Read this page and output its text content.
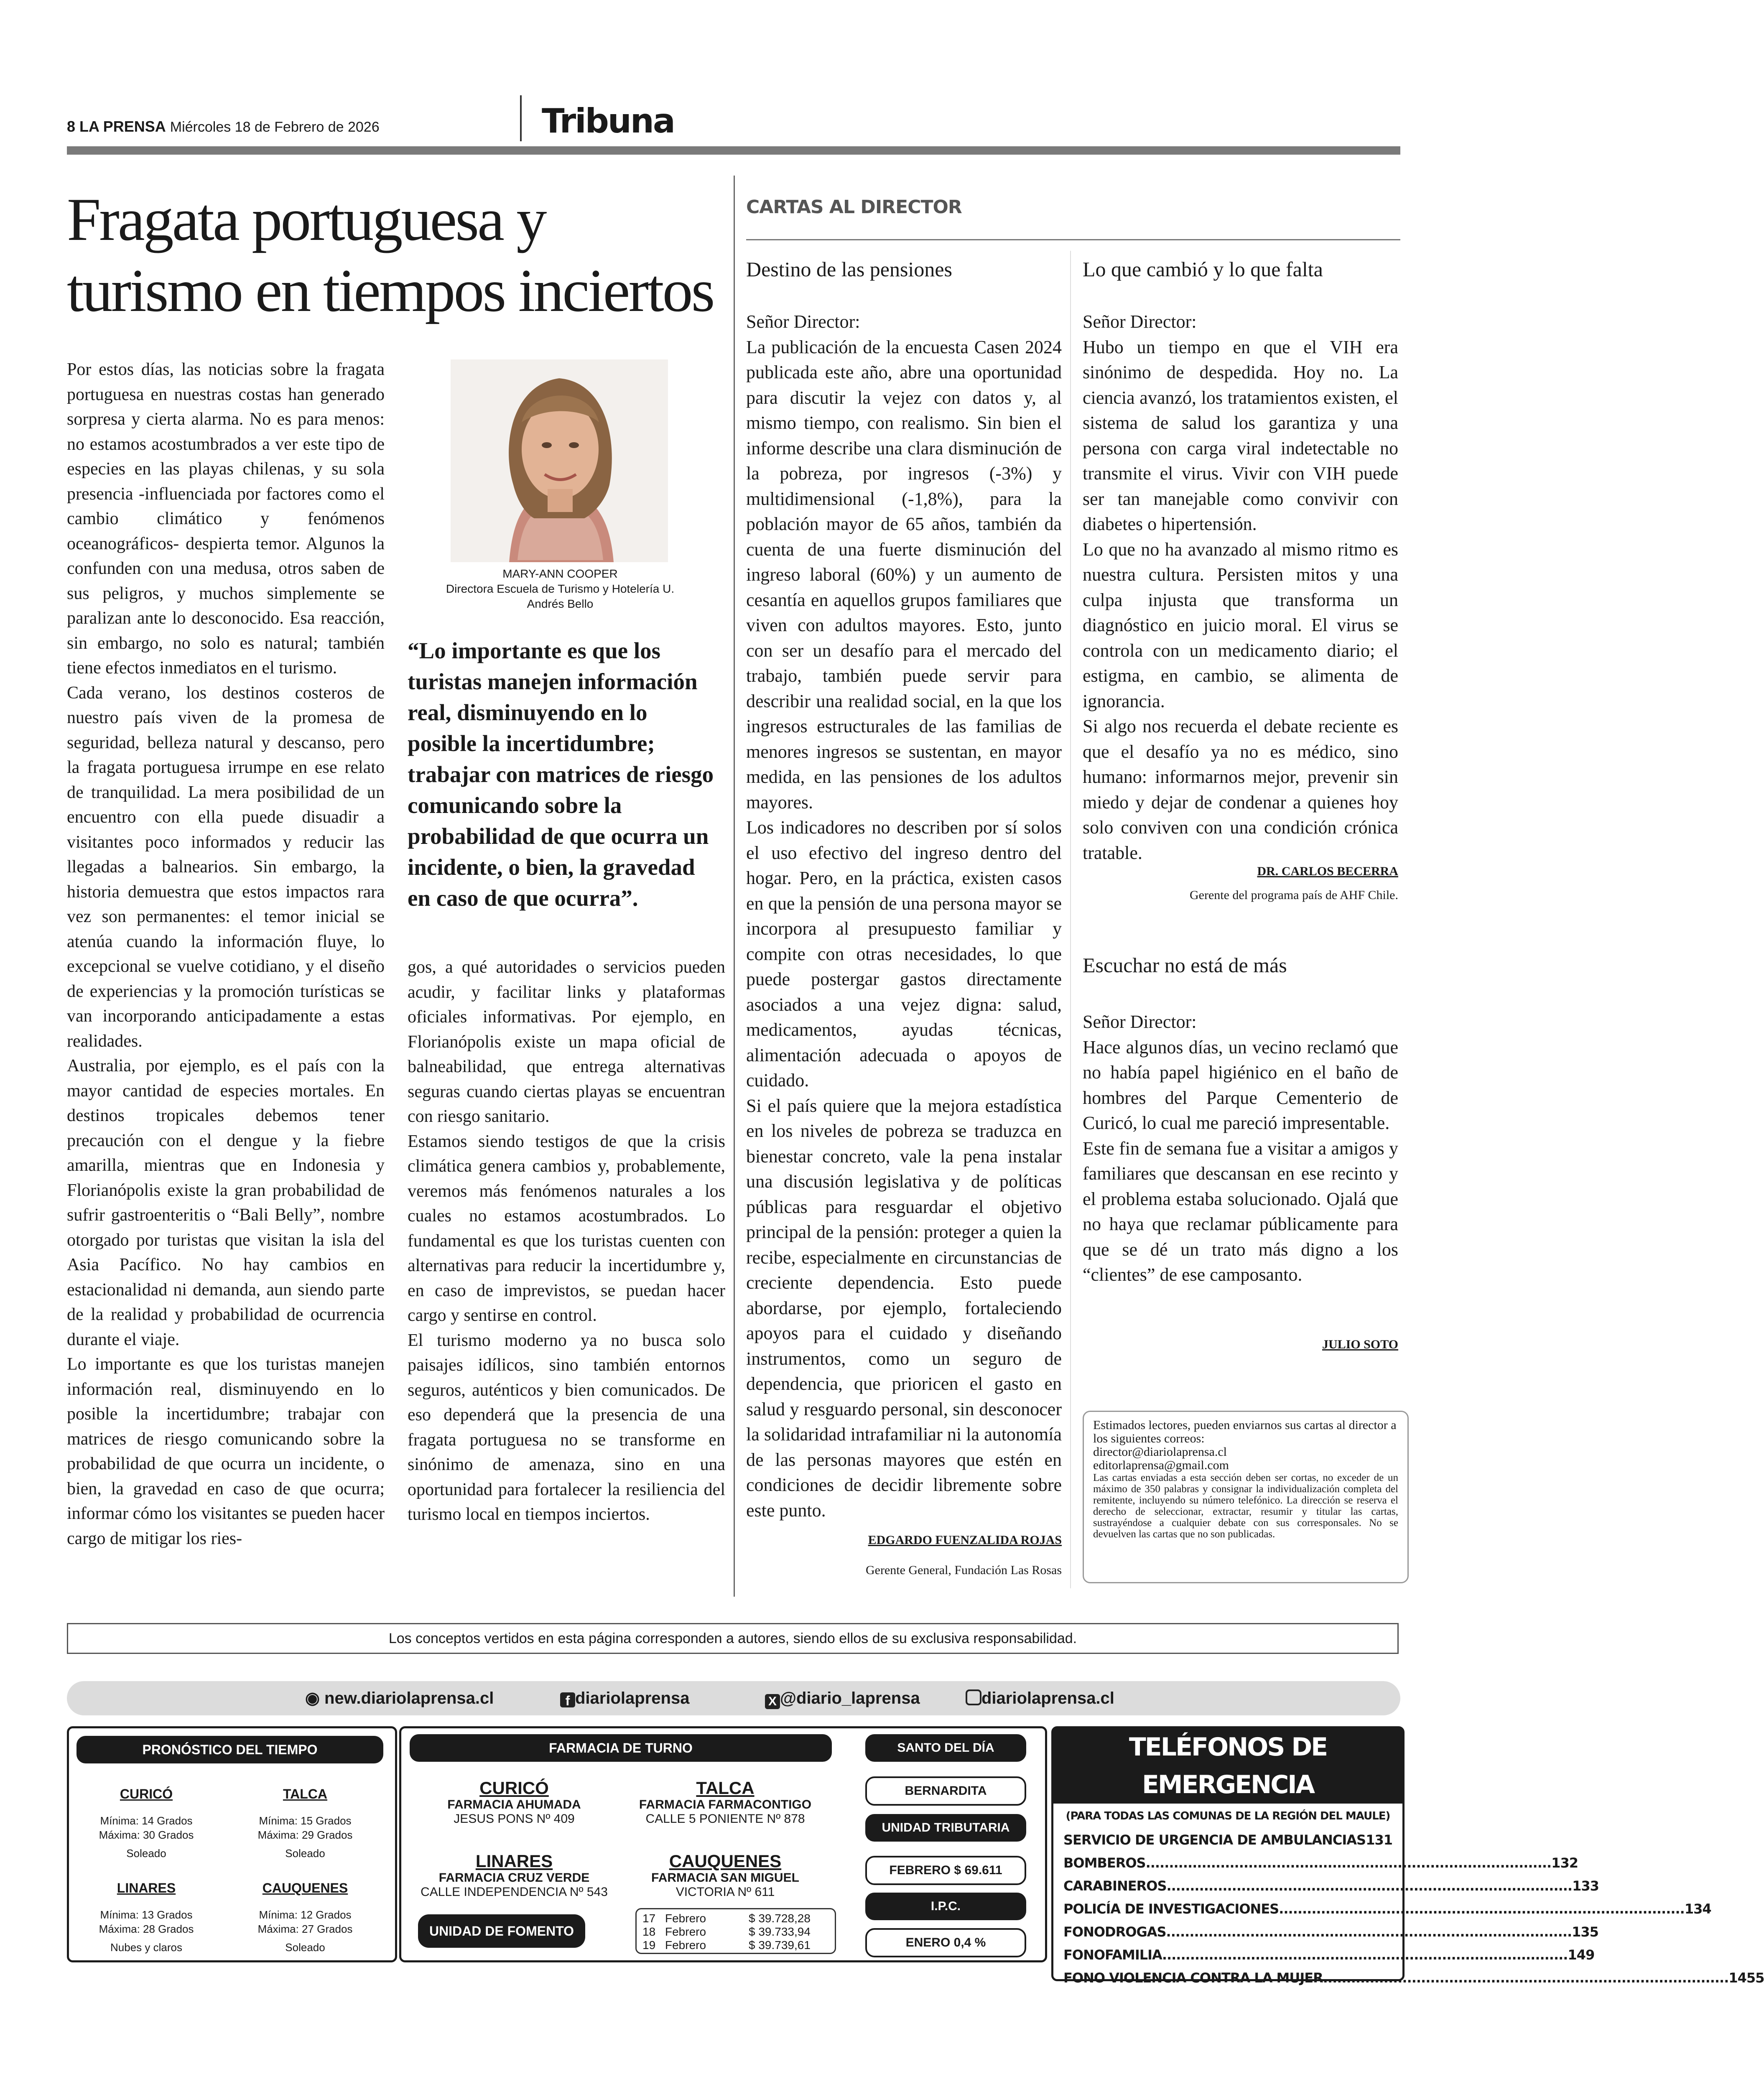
8 LA PRENSA Miércoles 18 de Febrero de 2026	Tribuna
Fragata portuguesa y turismo en tiempos inciertos

Por estos días, las noticias sobre la fragata portuguesa en nuestras costas han generado sorpresa y cierta alarma. No es para menos: no estamos acostumbrados a ver este tipo de especies en las playas chilenas, y su sola presencia -influenciada por factores como el cambio climático y fenómenos oceanográficos- despierta temor. Algunos la confunden con una medusa, otros saben de sus peligros, y muchos simplemente se paralizan ante lo desconocido. Esa reacción, sin embargo, no solo es natural; también tiene efectos inmediatos en el turismo.

Cada verano, los destinos costeros de nuestro país viven de la promesa de seguridad, belleza natural y descanso, pero la fragata portuguesa irrumpe en ese relato de tranquilidad. La mera posibilidad de un encuentro con ella puede disuadir a visitantes poco informados y reducir las llegadas a balnearios. Sin embargo, la historia demuestra que estos impactos rara vez son permanentes: el temor inicial se atenúa cuando la información fluye, lo excepcional se vuelve cotidiano, y el diseño de experiencias y la promoción turísticas se van incorporando anticipadamente a estas realidades.

Australia, por ejemplo, es el país con la mayor cantidad de especies mortales. En destinos tropicales debemos tener precaución con el dengue y la fiebre amarilla, mientras que en Indonesia y Florianópolis existe la gran probabilidad de sufrir gastroenteritis o “Bali Belly”, nombre otorgado por turistas que visitan la isla del Asia Pacífico. No hay cambios en estacionalidad ni demanda, aun siendo parte de la realidad y probabilidad de ocurrencia durante el viaje.

Lo importante es que los turistas manejen información real, disminuyendo en lo posible la incertidumbre; trabajar con matrices de riesgo comunicando sobre la probabilidad de que ocurra un incidente, o bien, la gravedad en caso de que ocurra; informar cómo los visitantes se pueden hacer cargo de mitigar los ries-

MARY-ANN COOPER
Directora Escuela de Turismo y Hotelería U. Andrés Bello
“Lo importante es que los turistas manejen información real, disminuyendo en lo posible la incertidumbre; trabajar con matrices de riesgo comunicando sobre la probabilidad de que ocurra un incidente, o bien, la gravedad en caso de que ocurra”.

gos, a qué autoridades o servicios pueden acudir, y facilitar links y plataformas oficiales informativas. Por ejemplo, en Florianópolis existe un mapa oficial de balneabilidad, que entrega alternativas seguras cuando ciertas playas se encuentran con riesgo sanitario.

Estamos siendo testigos de que la crisis climática genera cambios y, probablemente, veremos más fenómenos naturales a los cuales no estamos acostumbrados. Lo fundamental es que los turistas cuenten con alternativas para reducir la incertidumbre y, en caso de imprevistos, se puedan hacer cargo y sentirse en control.

El turismo moderno ya no busca solo paisajes idílicos, sino también entornos seguros, auténticos y bien comunicados. De eso dependerá que la presencia de una fragata portuguesa no se transforme en sinónimo de amenaza, sino en una oportunidad para fortalecer la resiliencia del turismo local en tiempos inciertos.

CARTAS AL DIRECTOR
Destino de las pensiones

Señor Director:

La publicación de la encuesta Casen 2024 publicada este año, abre una oportunidad para discutir la vejez con datos y, al mismo tiempo, con realismo. Sin bien el informe describe una clara disminución de la pobreza, por ingresos (-3%) y multidimensional (-1,8%), para la población mayor de 65 años, también da cuenta de una fuerte disminución del ingreso laboral (60%) y un aumento de cesantía en aquellos grupos familiares que viven con adultos mayores. Esto, junto con ser un desafío para el mercado del trabajo, también puede servir para describir una realidad social, en la que los ingresos estructurales de las familias de menores ingresos se sustentan, en mayor medida, en las pensiones de los adultos mayores.

Los indicadores no describen por sí solos el uso efectivo del ingreso dentro del hogar. Pero, en la práctica, existen casos en que la pensión de una persona mayor se incorpora al presupuesto familiar y compite con otras necesidades, lo que puede postergar gastos directamente asociados a una vejez digna: salud, medicamentos, ayudas técnicas, alimentación adecuada o apoyos de cuidado.

Si el país quiere que la mejora estadística en los niveles de pobreza se traduzca en bienestar concreto, vale la pena instalar una discusión legislativa y de políticas públicas para resguardar el objetivo principal de la pensión: proteger a quien la recibe, especialmente en circunstancias de creciente dependencia. Esto puede abordarse, por ejemplo, fortaleciendo apoyos para el cuidado y diseñando instrumentos, como un seguro de dependencia, que prioricen el gasto en salud y resguardo personal, sin desconocer la solidaridad intrafamiliar ni la autonomía de las personas mayores que estén en condiciones de decidir libremente sobre este punto.

EDGARDO FUENZALIDA ROJAS
Gerente General, Fundación Las Rosas
Lo que cambió y lo que falta

Señor Director:

Hubo un tiempo en que el VIH era sinónimo de despedida. Hoy no. La ciencia avanzó, los tratamientos existen, el sistema de salud los garantiza y una persona con carga viral indetectable no transmite el virus. Vivir con VIH puede ser tan manejable como convivir con diabetes o hipertensión.

Lo que no ha avanzado al mismo ritmo es nuestra cultura. Persisten mitos y una culpa injusta que transforma un diagnóstico en juicio moral. El virus se controla con un medicamento diario; el estigma, en cambio, se alimenta de ignorancia.

Si algo nos recuerda el debate reciente es que el desafío ya no es médico, sino humano: informarnos mejor, prevenir sin miedo y dejar de condenar a quienes hoy solo conviven con una condición crónica tratable.

DR. CARLOS BECERRA
Gerente del programa país de AHF Chile.
Escuchar no está de más

Señor Director:

Hace algunos días, un vecino reclamó que no había papel higiénico en el baño de hombres del Parque Cementerio de Curicó, lo cual me pareció impresentable.

Este fin de semana fue a visitar a amigos y familiares que descansan en ese recinto y el problema estaba solucionado. Ojalá que no haya que reclamar públicamente para que se dé un trato más digno a los “clientes” de ese camposanto.

JULIO SOTO
Estimados lectores, pueden enviarnos sus cartas al director a los siguientes correos:
director@diariolaprensa.cl
editorlaprensa@gmail.com
Las cartas enviadas a esta sección deben ser cortas, no exceder de un máximo de 350 palabras y consignar la individualización completa del remitente, incluyendo su número telefónico. La dirección se reserva el derecho de seleccionar, extractar, resumir y titular las cartas, sustrayéndose a cualquier debate con sus corresponsales. No se devuelven las cartas que no son publicadas.
Los conceptos vertidos en esta página corresponden a autores, siendo ellos de su exclusiva responsabilidad.
◉ new.diariolaprensa.cl	f diariolaprensa	X @diario_laprensa	diariolaprensa.cl
PRONÓSTICO DEL TIEMPO
CURICÓ
Mínima: 14 Grados
Máxima: 30 Grados
Soleado
TALCA
Mínima: 15 Grados
Máxima: 29 Grados
Soleado
LINARES
Mínima: 13 Grados
Máxima: 28 Grados
Nubes y claros
CAUQUENES
Mínima: 12 Grados
Máxima: 27 Grados
Soleado
FARMACIA DE TURNO
CURICÓ
FARMACIA AHUMADA
JESUS PONS Nº 409
TALCA
FARMACIA FARMACONTIGO
CALLE 5 PONIENTE Nº 878
LINARES
FARMACIA CRUZ VERDE
CALLE INDEPENDENCIA Nº 543
CAUQUENES
FARMACIA SAN MIGUEL
VICTORIA Nº 611
UNIDAD DE FOMENTO
17 Febrero	$ 39.728,28
18 Febrero	$ 39.733,94
19 Febrero	$ 39.739,61
SANTO DEL DÍA
BERNARDITA
UNIDAD TRIBUTARIA
FEBRERO $ 69.611
I.P.C.
ENERO 0,4 %
TELÉFONOS DE EMERGENCIA
(PARA TODAS LAS COMUNAS DE LA REGIÓN DEL MAULE)
SERVICIO DE URGENCIA DE AMBULANCIAS 131
BOMBEROS ....................................................................................... 132
CARABINEROS ....................................................................................... 133
POLICÍA DE INVESTIGACIONES ....................................................................................... 134
FONODROGAS ....................................................................................... 135
FONOFAMILIA ....................................................................................... 149
FONO VIOLENCIA CONTRA LA MUJER ....................................................................................... 1455
